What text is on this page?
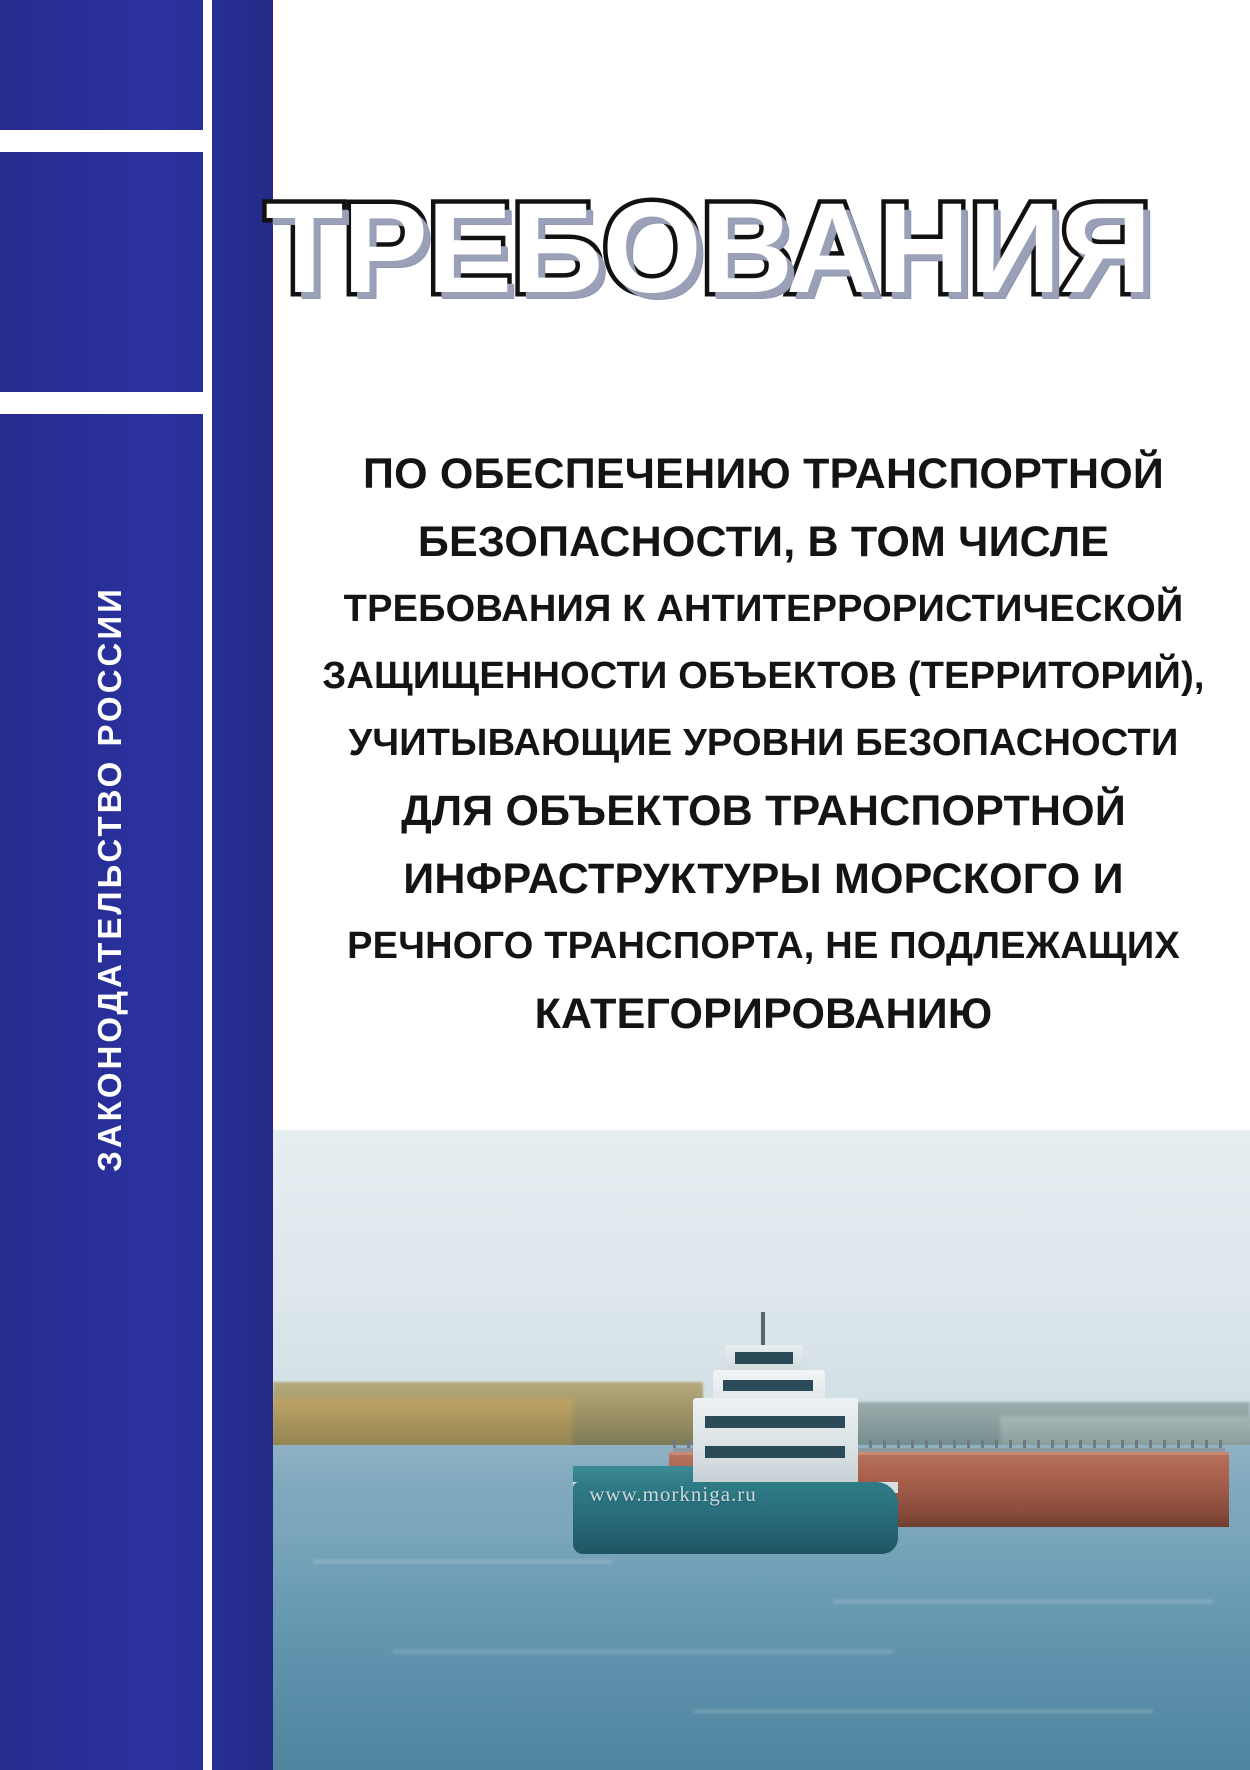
ЗАКОНОДАТЕЛЬСТВО РОССИИ
ТРЕБОВАНИЯ
ПО ОБЕСПЕЧЕНИЮ ТРАНСПОРТНОЙ
БЕЗОПАСНОСТИ, В ТОМ ЧИСЛЕ
ТРЕБОВАНИЯ К АНТИТЕРРОРИСТИЧЕСКОЙ
ЗАЩИЩЕННОСТИ ОБЪЕКТОВ (ТЕРРИТОРИЙ),
УЧИТЫВАЮЩИЕ УРОВНИ БЕЗОПАСНОСТИ
ДЛЯ ОБЪЕКТОВ ТРАНСПОРТНОЙ
ИНФРАСТРУКТУРЫ МОРСКОГО И
РЕЧНОГО ТРАНСПОРТА, НЕ ПОДЛЕЖАЩИХ
КАТЕГОРИРОВАНИЮ
www.morkniga.ru
